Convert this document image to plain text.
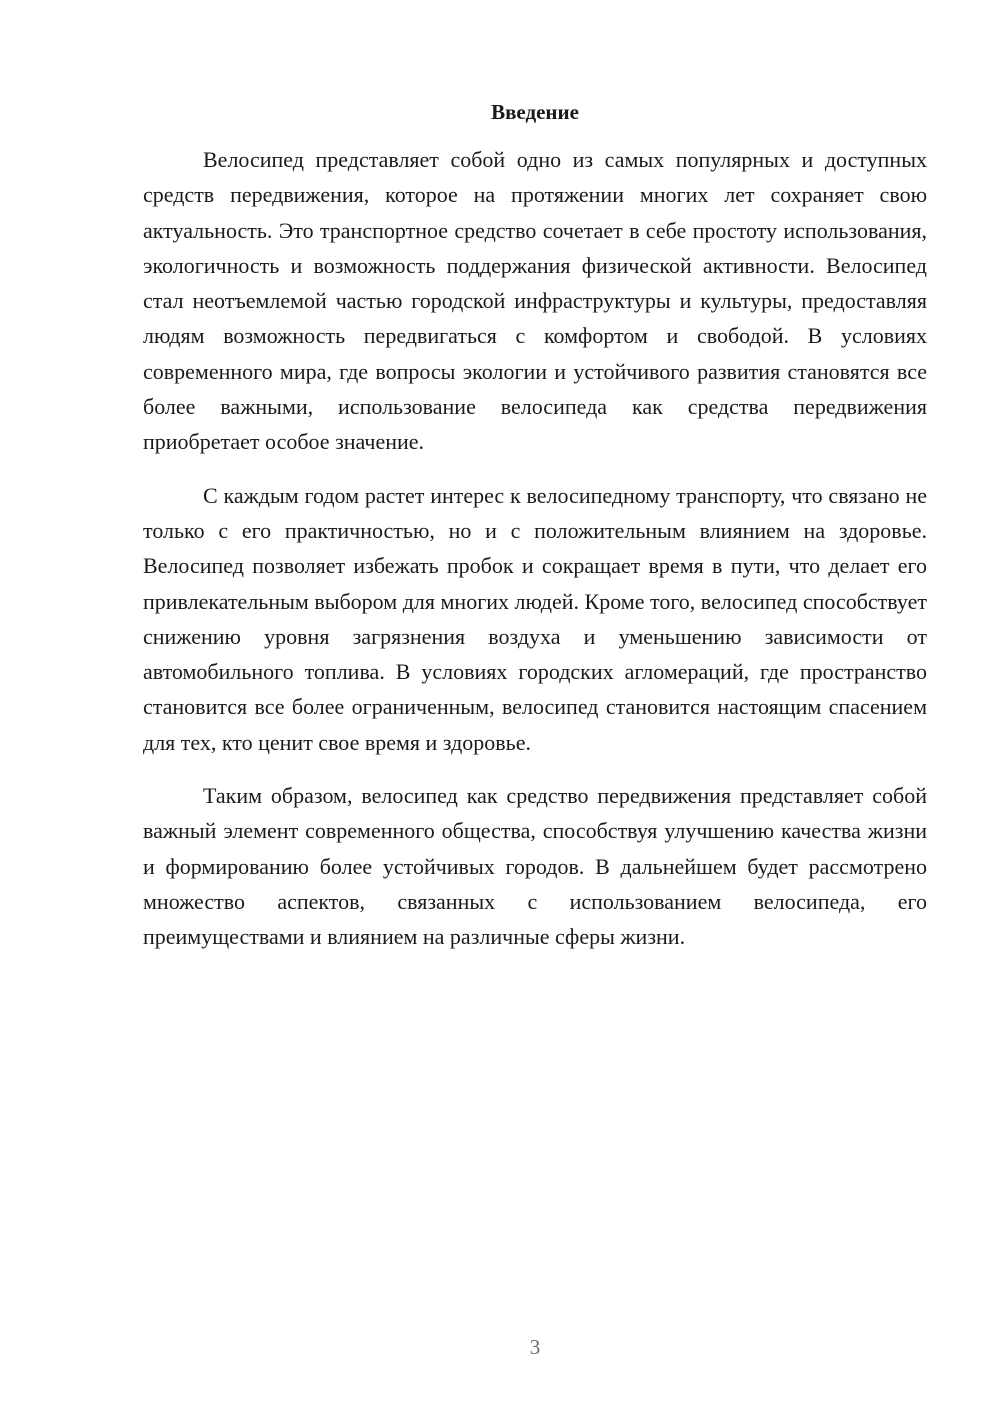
Введение

Велосипед представляет собой одно из самых популярных и доступных средств передвижения, которое на протяжении многих лет сохраняет свою актуальность. Это транспортное средство сочетает в себе простоту использования, экологичность и возможность поддержания физической активности. Велосипед стал неотъемлемой частью городской инфраструктуры и культуры, предоставляя людям возможность передвигаться с комфортом и свободой. В условиях современного мира, где вопросы экологии и устойчивого развития становятся все более важными, использование велосипеда как средства передвижения приобретает особое значение.

С каждым годом растет интерес к велосипедному транспорту, что связано не только с его практичностью, но и с положительным влиянием на здоровье. Велосипед позволяет избежать пробок и сокращает время в пути, что делает его привлекательным выбором для многих людей. Кроме того, велосипед способствует снижению уровня загрязнения воздуха и уменьшению зависимости от автомобильного топлива. В условиях городских агломераций, где пространство становится все более ограниченным, велосипед становится настоящим спасением для тех, кто ценит свое время и здоровье.

Таким образом, велосипед как средство передвижения представляет собой важный элемент современного общества, способствуя улучшению качества жизни и формированию более устойчивых городов. В дальнейшем будет рассмотрено множество аспектов, связанных с использованием велосипеда, его преимуществами и влиянием на различные сферы жизни.

3
